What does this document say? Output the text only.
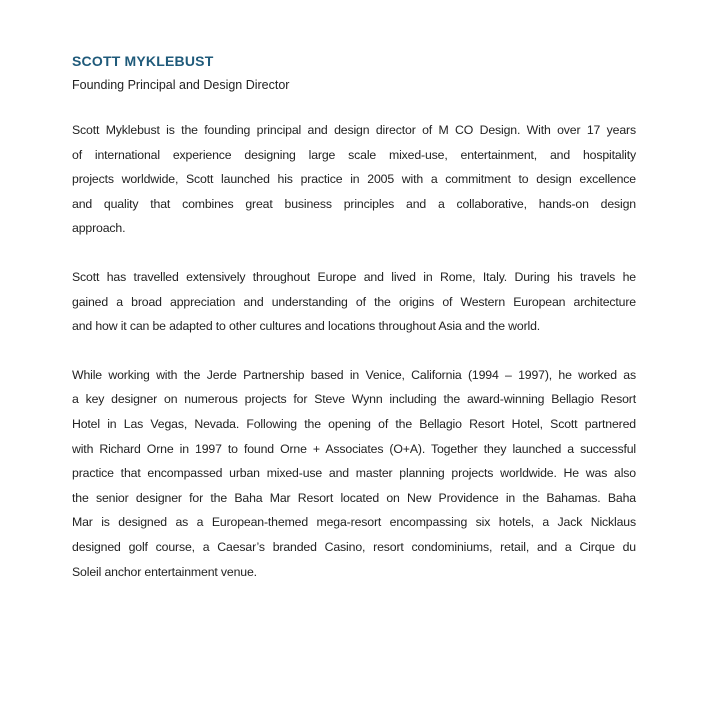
SCOTT MYKLEBUST
Founding Principal and Design Director
Scott Myklebust is the founding principal and design director of M CO Design. With over 17 years
of international experience designing large scale mixed-use, entertainment, and hospitality
projects worldwide, Scott launched his practice in 2005 with a commitment to design excellence
and quality that combines great business principles and a collaborative, hands-on design
approach.
Scott has travelled extensively throughout Europe and lived in Rome, Italy. During his travels he
gained a broad appreciation and understanding of the origins of Western European architecture
and how it can be adapted to other cultures and locations throughout Asia and the world.
While working with the Jerde Partnership based in Venice, California (1994 – 1997), he worked as
a key designer on numerous projects for Steve Wynn including the award-winning Bellagio Resort
Hotel in Las Vegas, Nevada. Following the opening of the Bellagio Resort Hotel, Scott partnered
with Richard Orne in 1997 to found Orne + Associates (O+A). Together they launched a successful
practice that encompassed urban mixed-use and master planning projects worldwide. He was also
the senior designer for the Baha Mar Resort located on New Providence in the Bahamas. Baha
Mar is designed as a European-themed mega-resort encompassing six hotels, a Jack Nicklaus
designed golf course, a Caesar’s branded Casino, resort condominiums, retail, and a Cirque du
Soleil anchor entertainment venue.
